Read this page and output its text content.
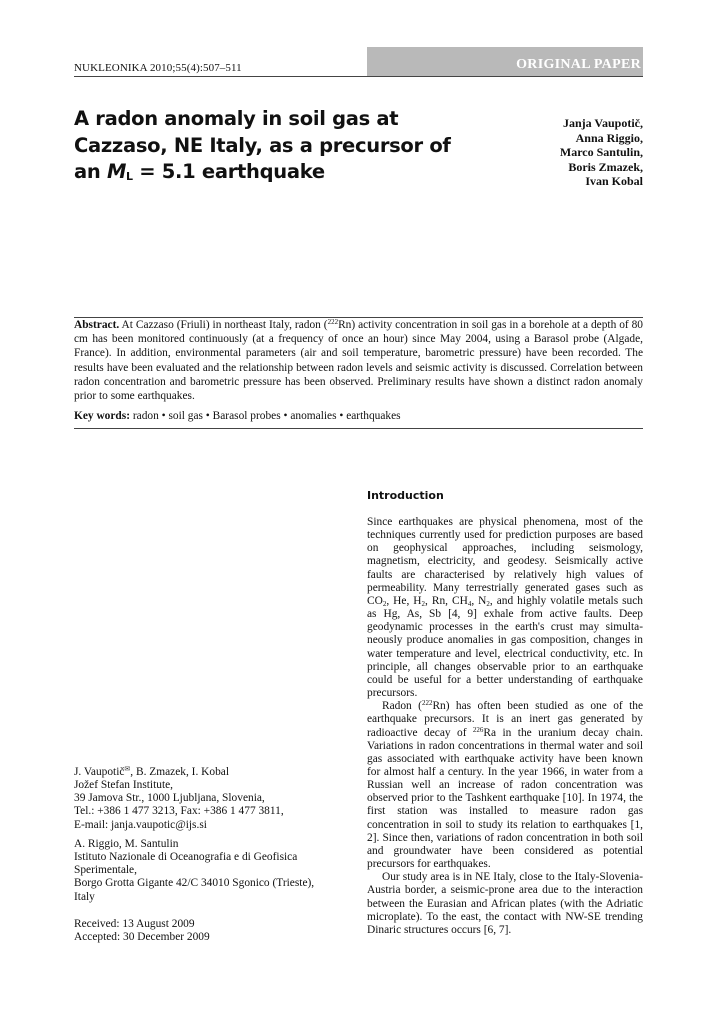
NUKLEONIKA 2010;55(4):507–511	ORIGINAL PAPER
A radon anomaly in soil gas at Cazzaso, NE Italy, as a precursor of an $M_L = 5.1$ earthquake
Janja Vaupotič,
Anna Riggio,
Marco Santulin,
Boris Zmazek,
Ivan Kobal

Abstract. At Cazzaso (Friuli) in northeast Italy, radon ($^{222}$Rn) activity concentration in soil gas in a borehole at a depth of 80 cm has been monitored continuously (at a frequency of once an hour) since May 2004, using a Barasol probe (Algade, France). In addition, environmental parameters (air and soil temperature, barometric pressure) have been recorded. The results have been evaluated and the relationship between radon levels and seismic activity is discussed. Correlation between radon concentration and barometric pressure has been observed. Preliminary results have shown a distinct radon anomaly prior to some earthquakes.

Key words: radon • soil gas • Barasol probes • anomalies • earthquakes

Introduction

Since earthquakes are physical phenomena, most of the techniques currently used for prediction purposes are based on geophysical approaches, including seismology, magnetism, electricity, and geodesy. Seismically active faults are characterised by relatively high values of permeability. Many terrestrially generated gases such as $CO_2$, He, $H_2$, Rn, $CH_4$, $N_2$, and highly volatile metals such as Hg, As, Sb [4, 9] exhale from active faults. Deep geodynamic processes in the earth's crust may simultaneously produce anomalies in gas composition, changes in water temperature and level, electrical conductivity, etc. In principle, all changes observable prior to an earthquake could be useful for a better understanding of earthquake precursors.

Radon ($^{222}$Rn) has often been studied as one of the earthquake precursors. It is an inert gas generated by radioactive decay of $^{226}$Ra in the uranium decay chain. Variations in radon concentrations in thermal water and soil gas associated with earthquake activity have been known for almost half a century. In the year 1966, in water from a Russian well an increase of radon concentration was observed prior to the Tashkent earthquake [10]. In 1974, the first station was installed to measure radon gas concentration in soil to study its relation to earthquakes [1, 2]. Since then, variations of radon concentration in both soil and groundwater have been considered as potential precursors for earthquakes.

Our study area is in NE Italy, close to the Italy-Slovenia-Austria border, a seismic-prone area due to the interaction between the Eurasian and African plates (with the Adriatic microplate). To the east, the contact with NW-SE trending Dinaric structures occurs [6, 7].

J. Vaupotič✉, B. Zmazek, I. Kobal
Jožef Stefan Institute,
39 Jamova Str., 1000 Ljubljana, Slovenia,
Tel.: +386 1 477 3213, Fax: +386 1 477 3811,
E-mail: janja.vaupotic@ijs.si
A. Riggio, M. Santulin
Istituto Nazionale di Oceanografia e di Geofisica
Sperimentale,
Borgo Grotta Gigante 42/C 34010 Sgonico (Trieste),
Italy
Received: 13 August 2009
Accepted: 30 December 2009
